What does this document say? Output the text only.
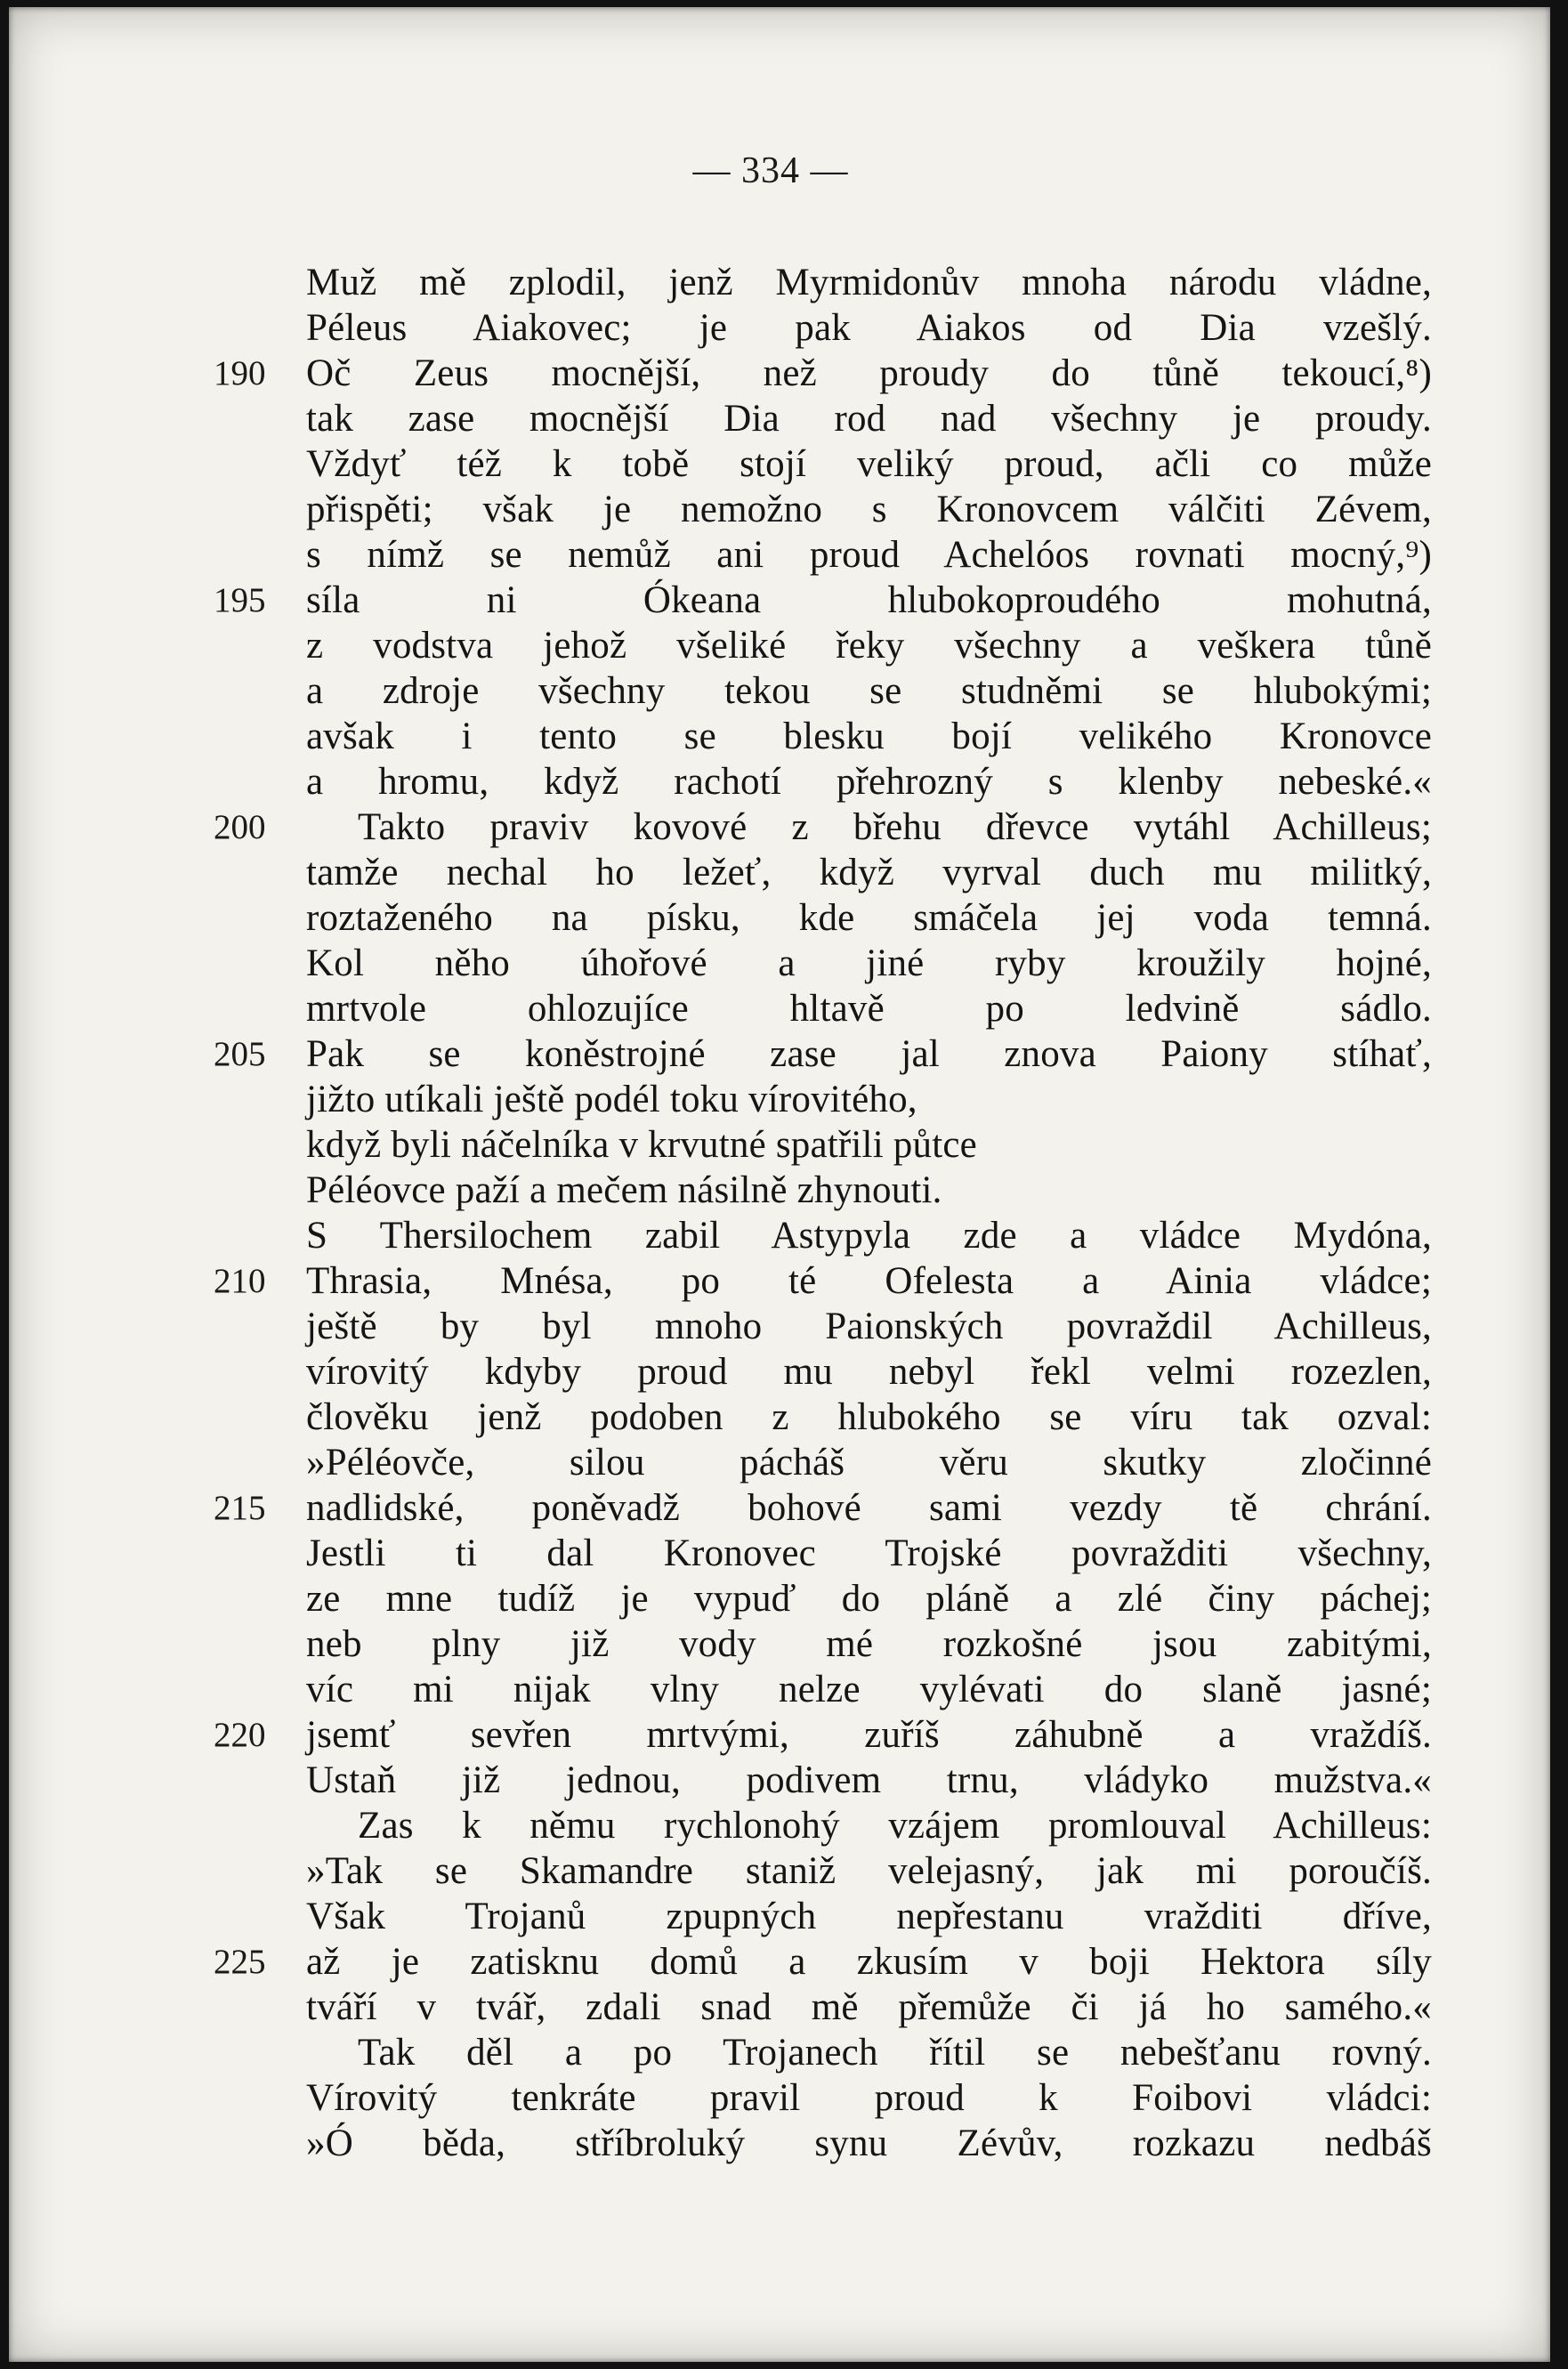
— 334 —
Muž mě zplodil, jenž Myrmidonův mnoha národu vládne,
Péleus Aiakovec; je pak Aiakos od Dia vzešlý.
190	Oč Zeus mocnější, než proudy do tůně tekoucí,⁸)
tak zase mocnější Dia rod nad všechny je proudy.
Vždyť též k tobě stojí veliký proud, ačli co může
přispěti; však je nemožno s Kronovcem válčiti Zévem,
s nímž se nemůž ani proud Achelóos rovnati mocný,⁹)
195	síla ni Ókeana hlubokoproudého mohutná,
z vodstva jehož všeliké řeky všechny a veškera tůně
a zdroje všechny tekou se studněmi se hlubokými;
avšak i tento se blesku bojí velikého Kronovce
a hromu, když rachotí přehrozný s klenby nebeské.«
200	Takto praviv kovové z břehu dřevce vytáhl Achilleus;
tamže nechal ho ležeť, když vyrval duch mu militký,
roztaženého na písku, kde smáčela jej voda temná.
Kol něho úhořové a jiné ryby kroužily hojné,
mrtvole ohlozujíce hltavě po ledvině sádlo.
205	Pak se koněstrojné zase jal znova Paiony stíhať,
jižto utíkali ještě podél toku vírovitého,
když byli náčelníka v krvutné spatřili půtce
Péléovce paží a mečem násilně zhynouti.
S Thersilochem zabil Astypyla zde a vládce Mydóna,
210	Thrasia, Mnésa, po té Ofelesta a Ainia vládce;
ještě by byl mnoho Paionských povraždil Achilleus,
vírovitý kdyby proud mu nebyl řekl velmi rozezlen,
člověku jenž podoben z hlubokého se víru tak ozval:
»Péléovče, silou pácháš věru skutky zločinné
215	nadlidské, poněvadž bohové sami vezdy tě chrání.
Jestli ti dal Kronovec Trojské povražditi všechny,
ze mne tudíž je vypuď do pláně a zlé činy páchej;
neb plny již vody mé rozkošné jsou zabitými,
víc mi nijak vlny nelze vylévati do slaně jasné;
220	jsemť sevřen mrtvými, zuříš záhubně a vraždíš.
Ustaň již jednou, podivem trnu, vládyko mužstva.«
Zas k němu rychlonohý vzájem promlouval Achilleus:
»Tak se Skamandre staniž velejasný, jak mi poroučíš.
Však Trojanů zpupných nepřestanu vražditi dříve,
225	až je zatisknu domů a zkusím v boji Hektora síly
tváří v tvář, zdali snad mě přemůže či já ho samého.«
Tak děl a po Trojanech řítil se nebešťanu rovný.
Vírovitý tenkráte pravil proud k Foibovi vládci:
»Ó běda, stříbroluký synu Zévův, rozkazu nedbáš
